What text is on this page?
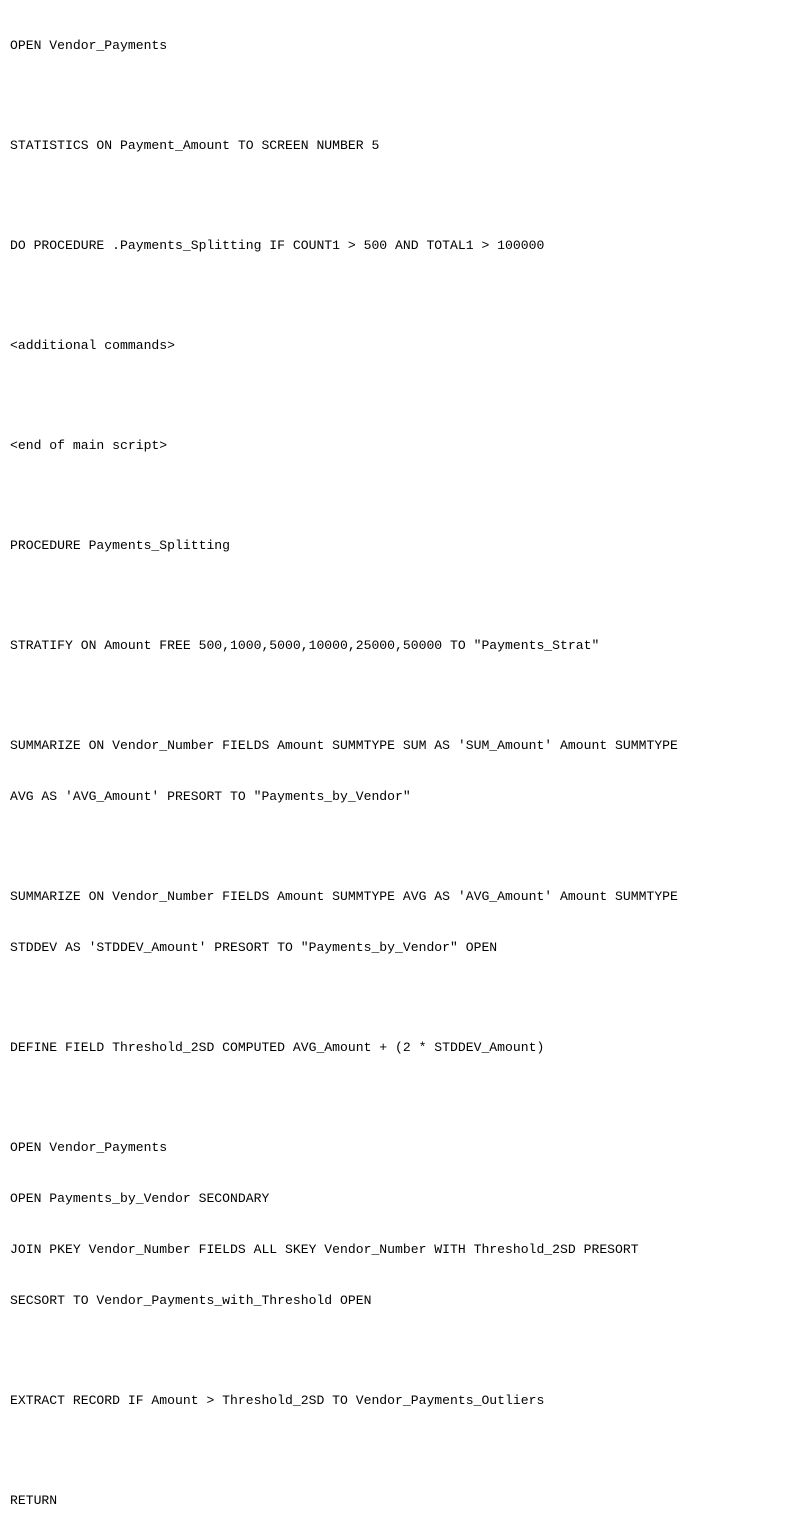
OPEN Vendor_Payments

STATISTICS ON Payment_Amount TO SCREEN NUMBER 5

DO PROCEDURE .Payments_Splitting IF COUNT1 > 500 AND TOTAL1 > 100000

<additional commands>

<end of main script>

PROCEDURE Payments_Splitting

STRATIFY ON Amount FREE 500,1000,5000,10000,25000,50000 TO "Payments_Strat"

SUMMARIZE ON Vendor_Number FIELDS Amount SUMMTYPE SUM AS 'SUM_Amount' Amount SUMMTYPE

AVG AS 'AVG_Amount' PRESORT TO "Payments_by_Vendor"

SUMMARIZE ON Vendor_Number FIELDS Amount SUMMTYPE AVG AS 'AVG_Amount' Amount SUMMTYPE

STDDEV AS 'STDDEV_Amount' PRESORT TO "Payments_by_Vendor" OPEN

DEFINE FIELD Threshold_2SD COMPUTED AVG_Amount + (2 * STDDEV_Amount)

OPEN Vendor_Payments

OPEN Payments_by_Vendor SECONDARY

JOIN PKEY Vendor_Number FIELDS ALL SKEY Vendor_Number WITH Threshold_2SD PRESORT

SECSORT TO Vendor_Payments_with_Threshold OPEN

EXTRACT RECORD IF Amount > Threshold_2SD TO Vendor_Payments_Outliers

RETURN
